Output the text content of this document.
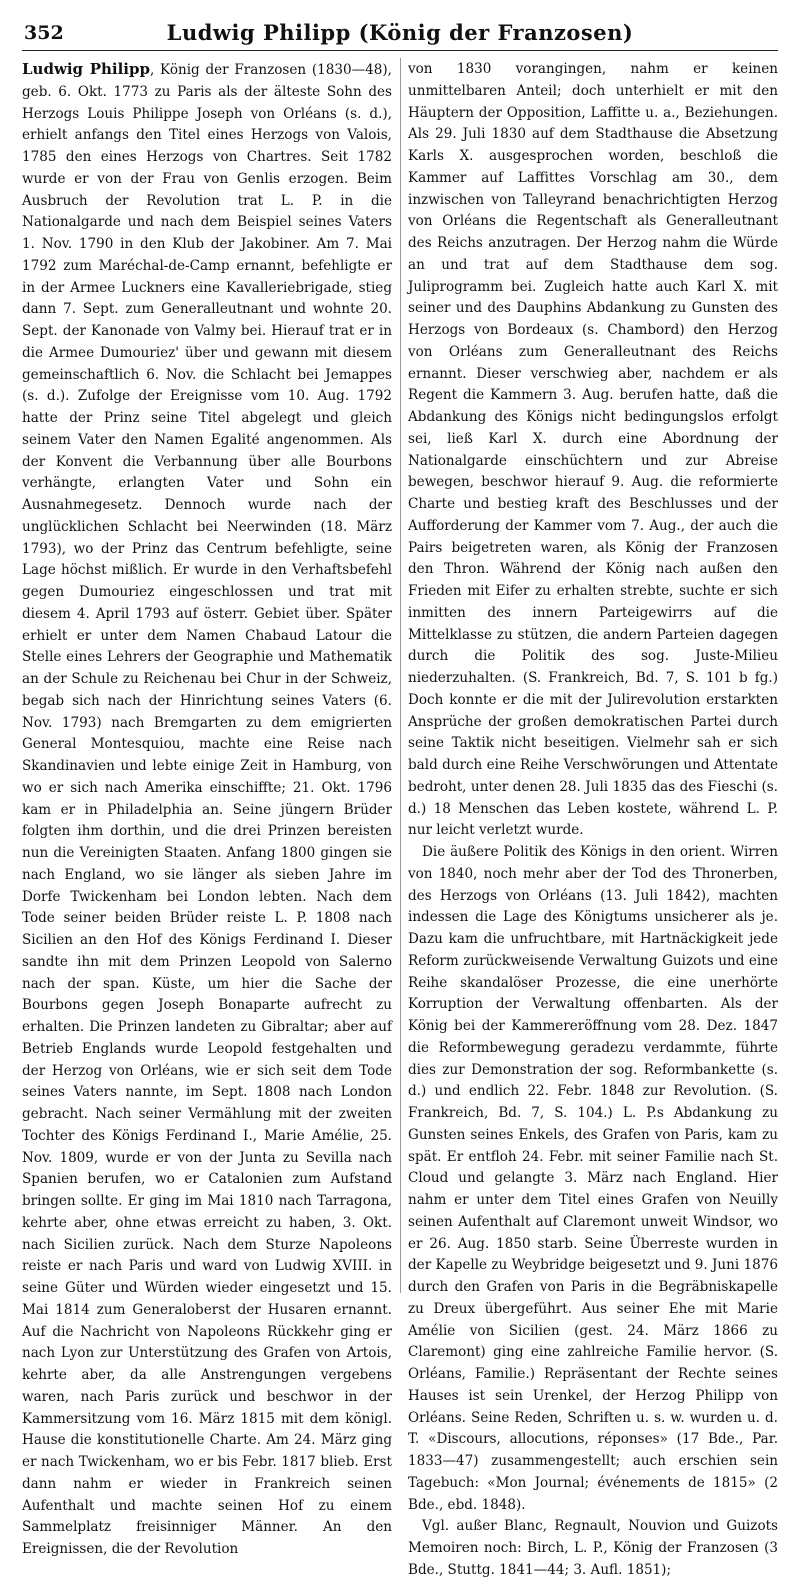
352	Ludwig Philipp (König der Franzosen)

Ludwig Philipp, König der Franzosen (1830—48), geb. 6. Okt. 1773 zu Paris als der älteste Sohn des Herzogs Louis Philippe Joseph von Orléans (s. d.), erhielt anfangs den Titel eines Herzogs von Valois, 1785 den eines Herzogs von Chartres. Seit 1782 wurde er von der Frau von Genlis erzogen. Beim Ausbruch der Revolution trat L. P. in die Nationalgarde und nach dem Beispiel seines Vaters 1. Nov. 1790 in den Klub der Jakobiner. Am 7. Mai 1792 zum Maréchal-de-Camp ernannt, befehligte er in der Armee Luckners eine Kavalleriebrigade, stieg dann 7. Sept. zum Generalleutnant und wohnte 20. Sept. der Kanonade von Valmy bei. Hierauf trat er in die Armee Dumouriez' über und gewann mit diesem gemeinschaftlich 6. Nov. die Schlacht bei Jemappes (s. d.). Zufolge der Ereignisse vom 10. Aug. 1792 hatte der Prinz seine Titel abgelegt und gleich seinem Vater den Namen Egalité angenommen. Als der Konvent die Verbannung über alle Bourbons verhängte, erlangten Vater und Sohn ein Ausnahmegesetz. Dennoch wurde nach der unglücklichen Schlacht bei Neerwinden (18. März 1793), wo der Prinz das Centrum befehligte, seine Lage höchst mißlich. Er wurde in den Verhaftsbefehl gegen Dumouriez eingeschlossen und trat mit diesem 4. April 1793 auf österr. Gebiet über. Später erhielt er unter dem Namen Chabaud Latour die Stelle eines Lehrers der Geographie und Mathematik an der Schule zu Reichenau bei Chur in der Schweiz, begab sich nach der Hinrichtung seines Vaters (6. Nov. 1793) nach Bremgarten zu dem emigrierten General Montesquiou, machte eine Reise nach Skandinavien und lebte einige Zeit in Hamburg, von wo er sich nach Amerika einschiffte; 21. Okt. 1796 kam er in Philadelphia an. Seine jüngern Brüder folgten ihm dorthin, und die drei Prinzen bereisten nun die Vereinigten Staaten. Anfang 1800 gingen sie nach England, wo sie länger als sieben Jahre im Dorfe Twickenham bei London lebten. Nach dem Tode seiner beiden Brüder reiste L. P. 1808 nach Sicilien an den Hof des Königs Ferdinand I. Dieser sandte ihn mit dem Prinzen Leopold von Salerno nach der span. Küste, um hier die Sache der Bourbons gegen Joseph Bonaparte aufrecht zu erhalten. Die Prinzen landeten zu Gibraltar; aber auf Betrieb Englands wurde Leopold festgehalten und der Herzog von Orléans, wie er sich seit dem Tode seines Vaters nannte, im Sept. 1808 nach London gebracht. Nach seiner Vermählung mit der zweiten Tochter des Königs Ferdinand I., Marie Amélie, 25. Nov. 1809, wurde er von der Junta zu Sevilla nach Spanien berufen, wo er Catalonien zum Aufstand bringen sollte. Er ging im Mai 1810 nach Tarragona, kehrte aber, ohne etwas erreicht zu haben, 3. Okt. nach Sicilien zurück. Nach dem Sturze Napoleons reiste er nach Paris und ward von Ludwig XVIII. in seine Güter und Würden wieder eingesetzt und 15. Mai 1814 zum Generaloberst der Husaren ernannt. Auf die Nachricht von Napoleons Rückkehr ging er nach Lyon zur Unterstützung des Grafen von Artois, kehrte aber, da alle Anstrengungen vergebens waren, nach Paris zurück und beschwor in der Kammersitzung vom 16. März 1815 mit dem königl. Hause die konstitutionelle Charte. Am 24. März ging er nach Twickenham, wo er bis Febr. 1817 blieb. Erst dann nahm er wieder in Frankreich seinen Aufenthalt und machte seinen Hof zu einem Sammelplatz freisinniger Männer. An den Ereignissen, die der Revolution

von 1830 vorangingen, nahm er keinen unmittelbaren Anteil; doch unterhielt er mit den Häuptern der Opposition, Laffitte u. a., Beziehungen. Als 29. Juli 1830 auf dem Stadthause die Absetzung Karls X. ausgesprochen worden, beschloß die Kammer auf Laffittes Vorschlag am 30., dem inzwischen von Talleyrand benachrichtigten Herzog von Orléans die Regentschaft als Generalleutnant des Reichs anzutragen. Der Herzog nahm die Würde an und trat auf dem Stadthause dem sog. Juliprogramm bei. Zugleich hatte auch Karl X. mit seiner und des Dauphins Abdankung zu Gunsten des Herzogs von Bordeaux (s. Chambord) den Herzog von Orléans zum Generalleutnant des Reichs ernannt. Dieser verschwieg aber, nachdem er als Regent die Kammern 3. Aug. berufen hatte, daß die Abdankung des Königs nicht bedingungslos erfolgt sei, ließ Karl X. durch eine Abordnung der Nationalgarde einschüchtern und zur Abreise bewegen, beschwor hierauf 9. Aug. die reformierte Charte und bestieg kraft des Beschlusses und der Aufforderung der Kammer vom 7. Aug., der auch die Pairs beigetreten waren, als König der Franzosen den Thron. Während der König nach außen den Frieden mit Eifer zu erhalten strebte, suchte er sich inmitten des innern Parteigewirrs auf die Mittelklasse zu stützen, die andern Parteien dagegen durch die Politik des sog. Juste-Milieu niederzuhalten. (S. Frankreich, Bd. 7, S. 101 b fg.) Doch konnte er die mit der Julirevolution erstarkten Ansprüche der großen demokratischen Partei durch seine Taktik nicht beseitigen. Vielmehr sah er sich bald durch eine Reihe Verschwörungen und Attentate bedroht, unter denen 28. Juli 1835 das des Fieschi (s. d.) 18 Menschen das Leben kostete, während L. P. nur leicht verletzt wurde.

Die äußere Politik des Königs in den orient. Wirren von 1840, noch mehr aber der Tod des Thronerben, des Herzogs von Orléans (13. Juli 1842), machten indessen die Lage des Königtums unsicherer als je. Dazu kam die unfruchtbare, mit Hartnäckigkeit jede Reform zurückweisende Verwaltung Guizots und eine Reihe skandalöser Prozesse, die eine unerhörte Korruption der Verwaltung offenbarten. Als der König bei der Kammereröffnung vom 28. Dez. 1847 die Reformbewegung geradezu verdammte, führte dies zur Demonstration der sog. Reformbankette (s. d.) und endlich 22. Febr. 1848 zur Revolution. (S. Frankreich, Bd. 7, S. 104.) L. P.s Abdankung zu Gunsten seines Enkels, des Grafen von Paris, kam zu spät. Er entfloh 24. Febr. mit seiner Familie nach St. Cloud und gelangte 3. März nach England. Hier nahm er unter dem Titel eines Grafen von Neuilly seinen Aufenthalt auf Claremont unweit Windsor, wo er 26. Aug. 1850 starb. Seine Überreste wurden in der Kapelle zu Weybridge beigesetzt und 9. Juni 1876 durch den Grafen von Paris in die Begräbniskapelle zu Dreux übergeführt. Aus seiner Ehe mit Marie Amélie von Sicilien (gest. 24. März 1866 zu Claremont) ging eine zahlreiche Familie hervor. (S. Orléans, Familie.) Repräsentant der Rechte seines Hauses ist sein Urenkel, der Herzog Philipp von Orléans. Seine Reden, Schriften u. s. w. wurden u. d. T. «Discours, allocutions, réponses» (17 Bde., Par. 1833—47) zusammengestellt; auch erschien sein Tagebuch: «Mon Journal; événements de 1815» (2 Bde., ebd. 1848).

Vgl. außer Blanc, Regnault, Nouvion und Guizots Memoiren noch: Birch, L. P., König der Franzosen (3 Bde., Stuttg. 1841—44; 3. Aufl. 1851);
